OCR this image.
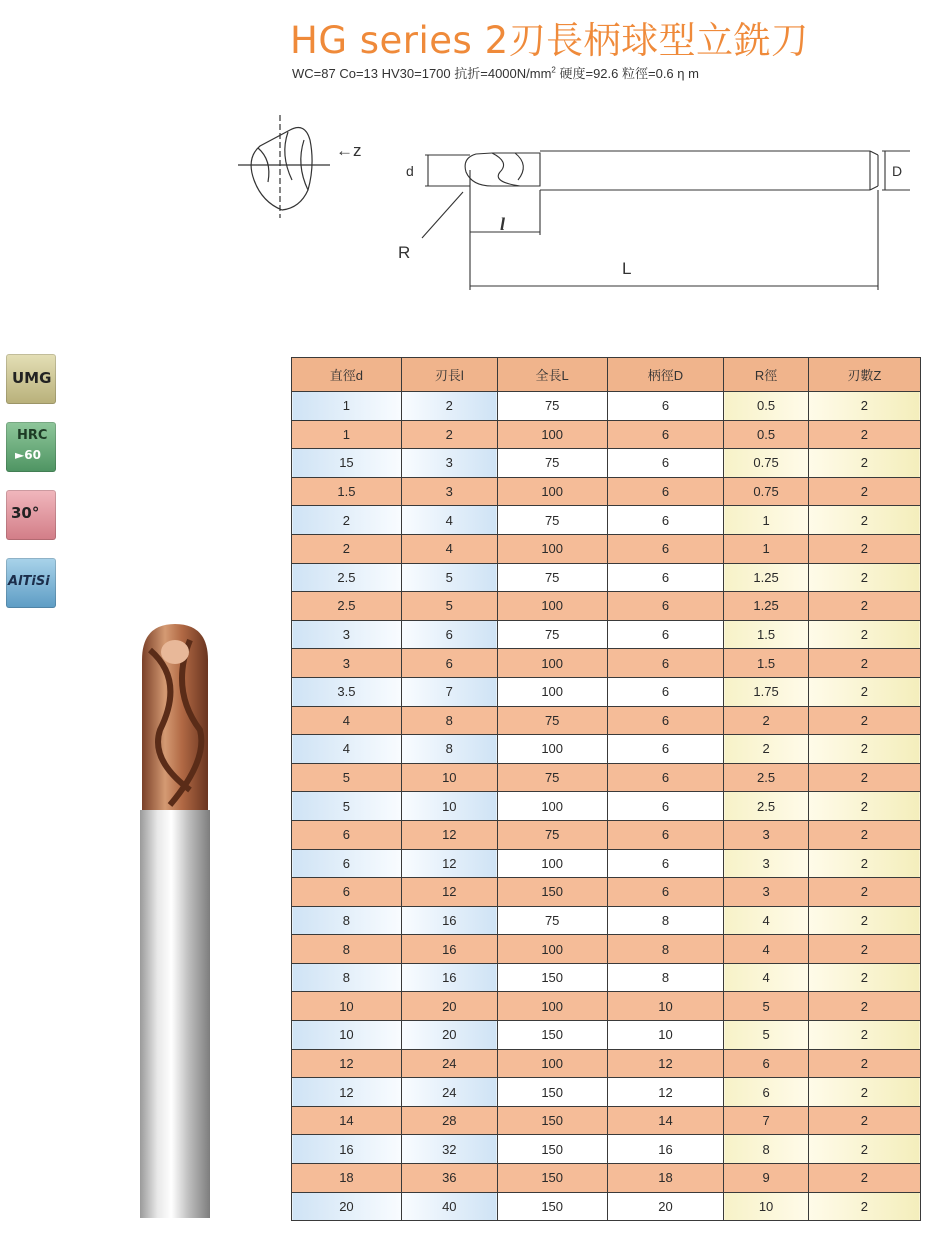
HG series 2刃長柄球型立銑刀
WC=87 Co=13 HV30=1700 抗折$=4000N/mm^2$ 硬度=92.6 粒徑=0.6 η m
←z
d	D
R
l
L
UMG
HRC
►60
30°
AlTiSi
直徑d	刃長l	全長L	柄徑D	R徑	刃數Z
1	2	75	6	0.5	2
1	2	100	6	0.5	2
15	3	75	6	0.75	2
1.5	3	100	6	0.75	2
2	4	75	6	1	2
2	4	100	6	1	2
2.5	5	75	6	1.25	2
2.5	5	100	6	1.25	2
3	6	75	6	1.5	2
3	6	100	6	1.5	2
3.5	7	100	6	1.75	2
4	8	75	6	2	2
4	8	100	6	2	2
5	10	75	6	2.5	2
5	10	100	6	2.5	2
6	12	75	6	3	2
6	12	100	6	3	2
6	12	150	6	3	2
8	16	75	8	4	2
8	16	100	8	4	2
8	16	150	8	4	2
10	20	100	10	5	2
10	20	150	10	5	2
12	24	100	12	6	2
12	24	150	12	6	2
14	28	150	14	7	2
16	32	150	16	8	2
18	36	150	18	9	2
20	40	150	20	10	2
